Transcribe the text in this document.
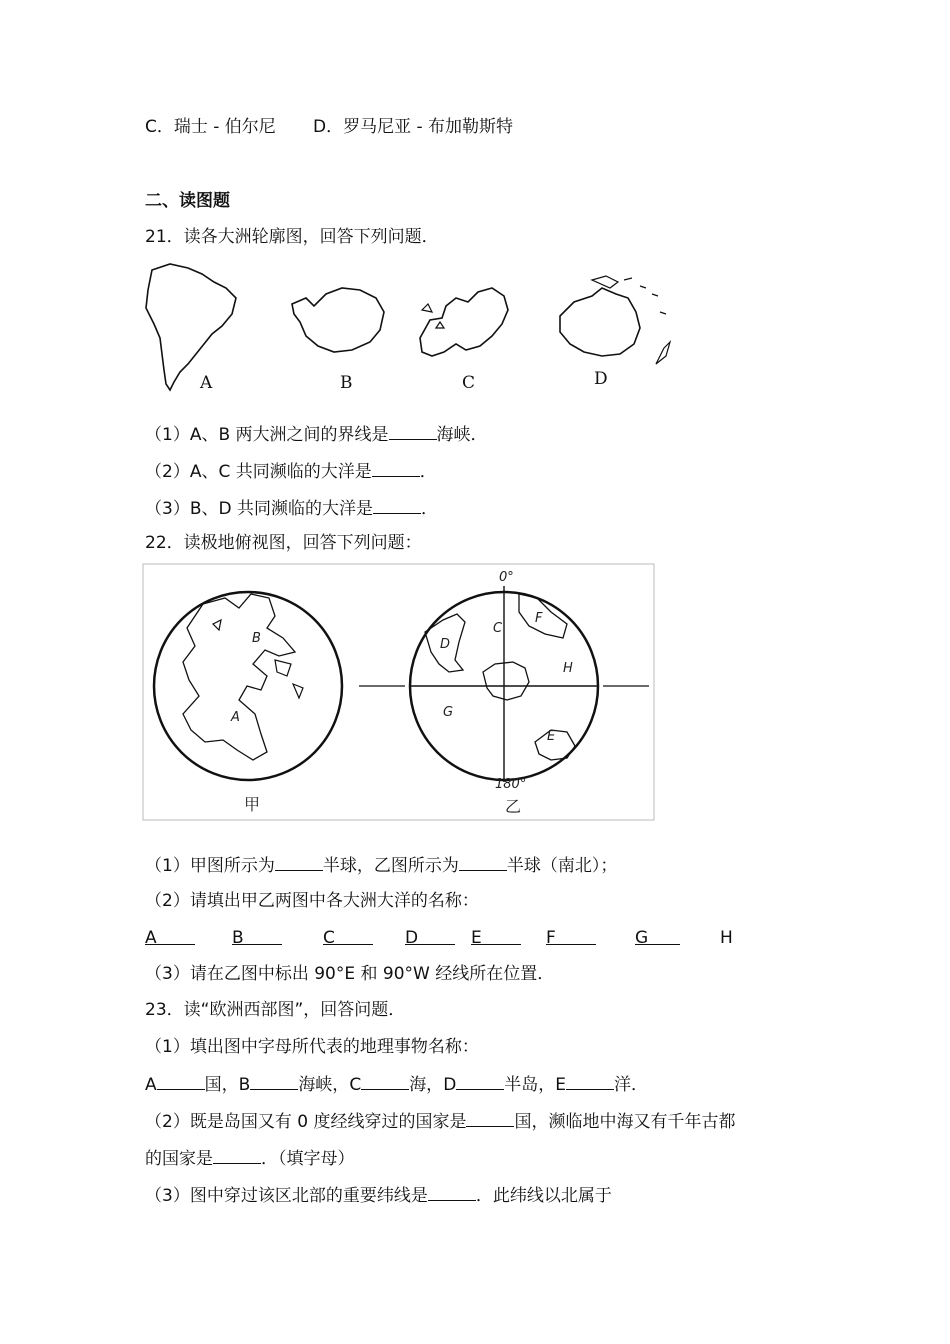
C．瑞士 - 伯尔尼 D．罗马尼亚 - 布加勒斯特
二、读图题
21．读各大洲轮廓图，回答下列问题．
A	B	C	D
（1）A、B 两大洲之间的界线是	海峡．
（2）A、C 共同濒临的大洋是	．
（3）B、D 共同濒临的大洋是	．
22．读极地俯视图，回答下列问题：
B
A
0°
180°
F
C
D
H
G
E
甲	乙
（1）甲图所示为	半球，乙图所示为	半球（南北）；
（2）请填出甲乙两图中各大洲大洋的名称：

A

	B

	C

	D

	E

	F

	G

	H

（3）请在乙图中标出 90°E 和 90°W 经线所在位置．
23．读“欧洲西部图”，回答问题．
（1）填出图中字母所代表的地理事物名称：
A	国，B	海峡，C	海，D	半岛，E	洋．
（2）既是岛国又有 0 度经线穿过的国家是	国，濒临地中海又有千年古都
的国家是	．（填字母）
（3）图中穿过该区北部的重要纬线是	．此纬线以北属于
